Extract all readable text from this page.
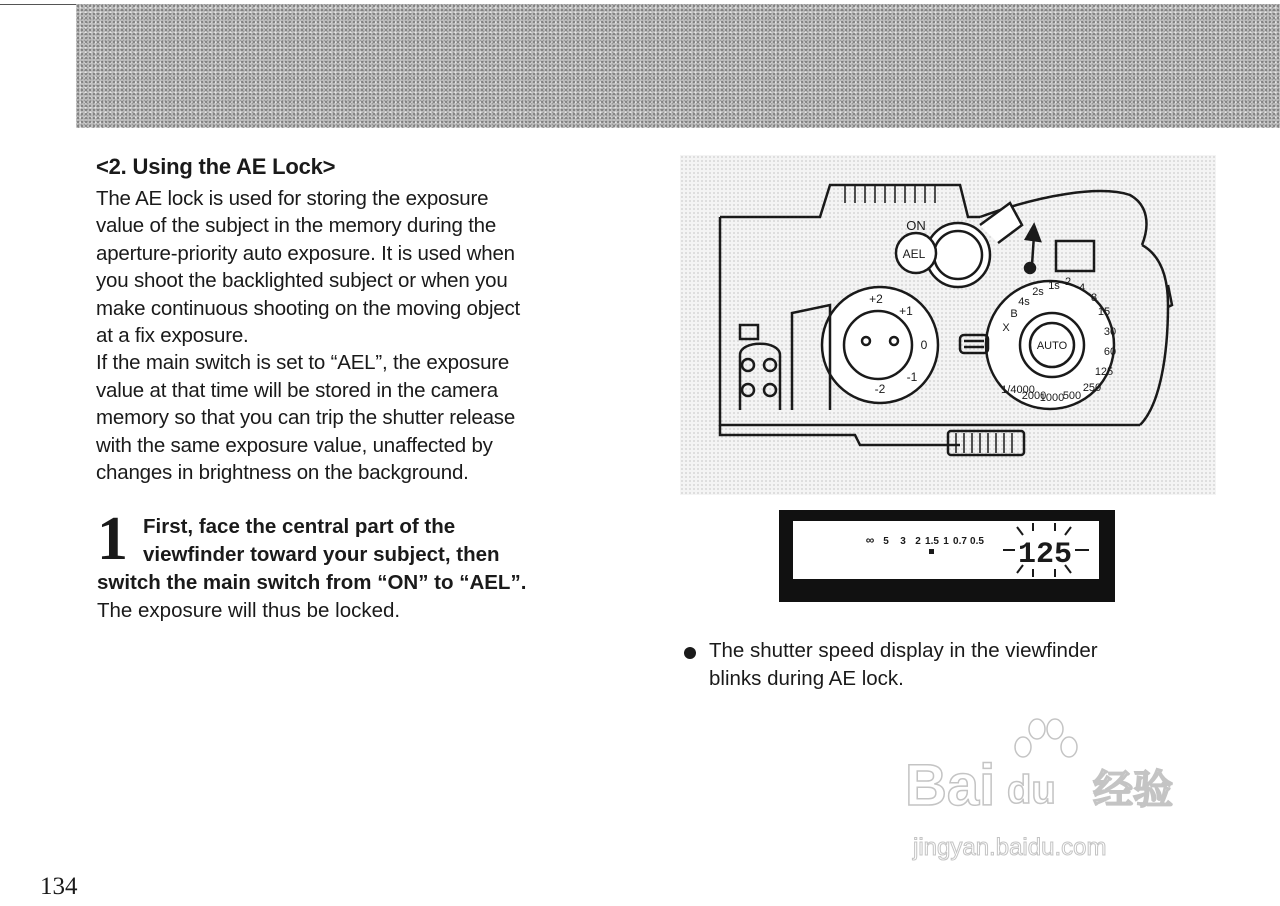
<2. Using the AE Lock>
The AE lock is used for storing the exposure
value of the subject in the memory during the
aperture-priority auto exposure. It is used when
you shoot the backlighted subject or when you
make continuous shooting on the moving object
at a fix exposure.
If the main switch is set to “AEL”, the exposure
value at that time will be stored in the camera
memory so that you can trip the shutter release
with the same exposure value, unaffected by
changes in brightness on the background.
1 First, face the central part of the
viewfinder toward your subject, then
switch the main switch from “ON” to “AEL”.
The exposure will thus be locked.
ON
AEL
AUTO
+2
+1
0
-1
-2	1/4000
2000
1000
500
250
125
60
30
15
8
4
2
1s
2s
4s
B
X
∞ 5 3 2 1.5 1 0.7 0.5 125
The shutter speed display in the viewfinder
blinks during AE lock.
Bai du 经验
jingyan.baidu.com
134
